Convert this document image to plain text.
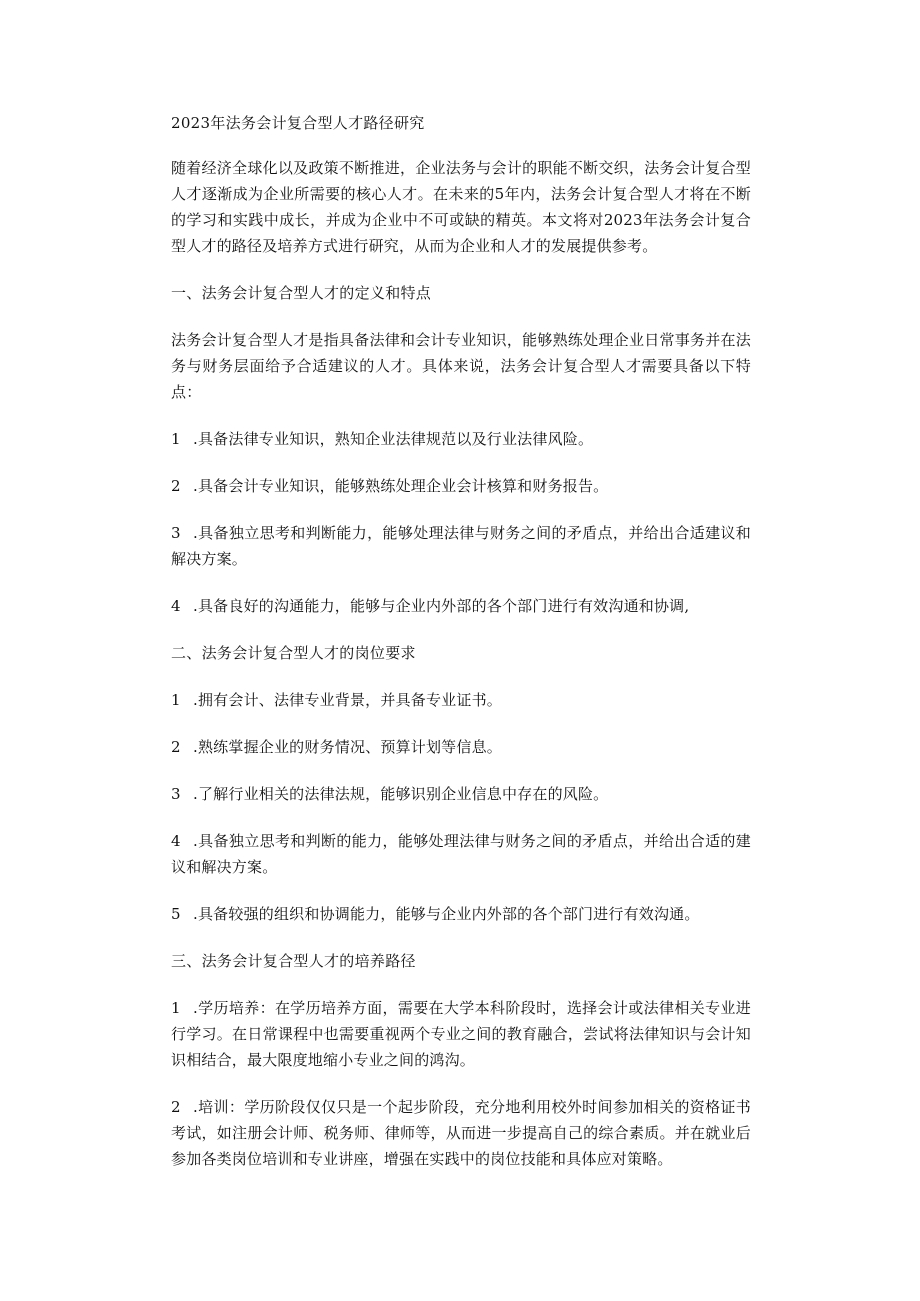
2023年法务会计复合型人才路径研究
随着经济全球化以及政策不断推进，企业法务与会计的职能不断交织，法务会计复合型人才逐渐成为企业所需要的核心人才。在未来的5年内，法务会计复合型人才将在不断的学习和实践中成长，并成为企业中不可或缺的精英。本文将对2023年法务会计复合型人才的路径及培养方式进行研究，从而为企业和人才的发展提供参考。
一、法务会计复合型人才的定义和特点
法务会计复合型人才是指具备法律和会计专业知识，能够熟练处理企业日常事务并在法务与财务层面给予合适建议的人才。具体来说，法务会计复合型人才需要具备以下特点：
1 .具备法律专业知识，熟知企业法律规范以及行业法律风险。
2 .具备会计专业知识，能够熟练处理企业会计核算和财务报告。
3 .具备独立思考和判断能力，能够处理法律与财务之间的矛盾点，并给出合适建议和解决方案。
4 .具备良好的沟通能力，能够与企业内外部的各个部门进行有效沟通和协调,
二、法务会计复合型人才的岗位要求
1 .拥有会计、法律专业背景，并具备专业证书。
2 .熟练掌握企业的财务情况、预算计划等信息。
3 .了解行业相关的法律法规，能够识别企业信息中存在的风险。
4 .具备独立思考和判断的能力，能够处理法律与财务之间的矛盾点，并给出合适的建议和解决方案。
5 .具备较强的组织和协调能力，能够与企业内外部的各个部门进行有效沟通。
三、法务会计复合型人才的培养路径
1 .学历培养：在学历培养方面，需要在大学本科阶段时，选择会计或法律相关专业进行学习。在日常课程中也需要重视两个专业之间的教育融合，尝试将法律知识与会计知识相结合，最大限度地缩小专业之间的鸿沟。
2 .培训：学历阶段仅仅只是一个起步阶段，充分地利用校外时间参加相关的资格证书考试，如注册会计师、税务师、律师等，从而进一步提高自己的综合素质。并在就业后参加各类岗位培训和专业讲座，增强在实践中的岗位技能和具体应对策略。
